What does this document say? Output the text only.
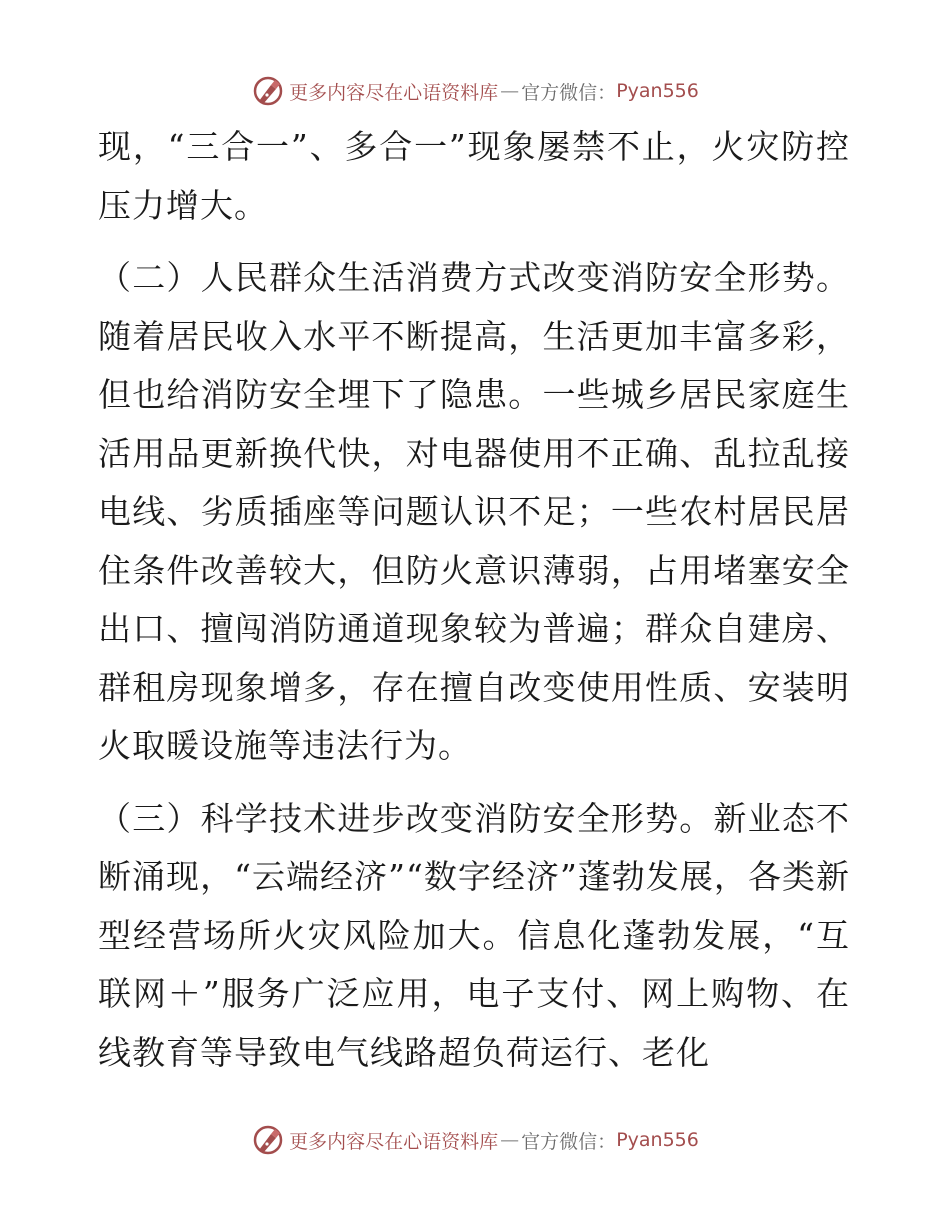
更多内容尽在心语资料库 — 官方微信： Pyan556

现，“三合一”、多合一”现象屡禁不止，火灾防控压力增大。

（二）人民群众生活消费方式改变消防安全形势。随着居民收入水平不断提高，生活更加丰富多彩，但也给消防安全埋下了隐患。一些城乡居民家庭生活用品更新换代快，对电器使用不正确、乱拉乱接电线、劣质插座等问题认识不足；一些农村居民居住条件改善较大，但防火意识薄弱，占用堵塞安全出口、擅闯消防通道现象较为普遍；群众自建房、群租房现象增多，存在擅自改变使用性质、安装明火取暖设施等违法行为。

（三）科学技术进步改变消防安全形势。新业态不断涌现，“云端经济”“数字经济”蓬勃发展，各类新型经营场所火灾风险加大。信息化蓬勃发展，“互联网＋”服务广泛应用，电子支付、网上购物、在线教育等导致电气线路超负荷运行、老化

更多内容尽在心语资料库 — 官方微信： Pyan556
